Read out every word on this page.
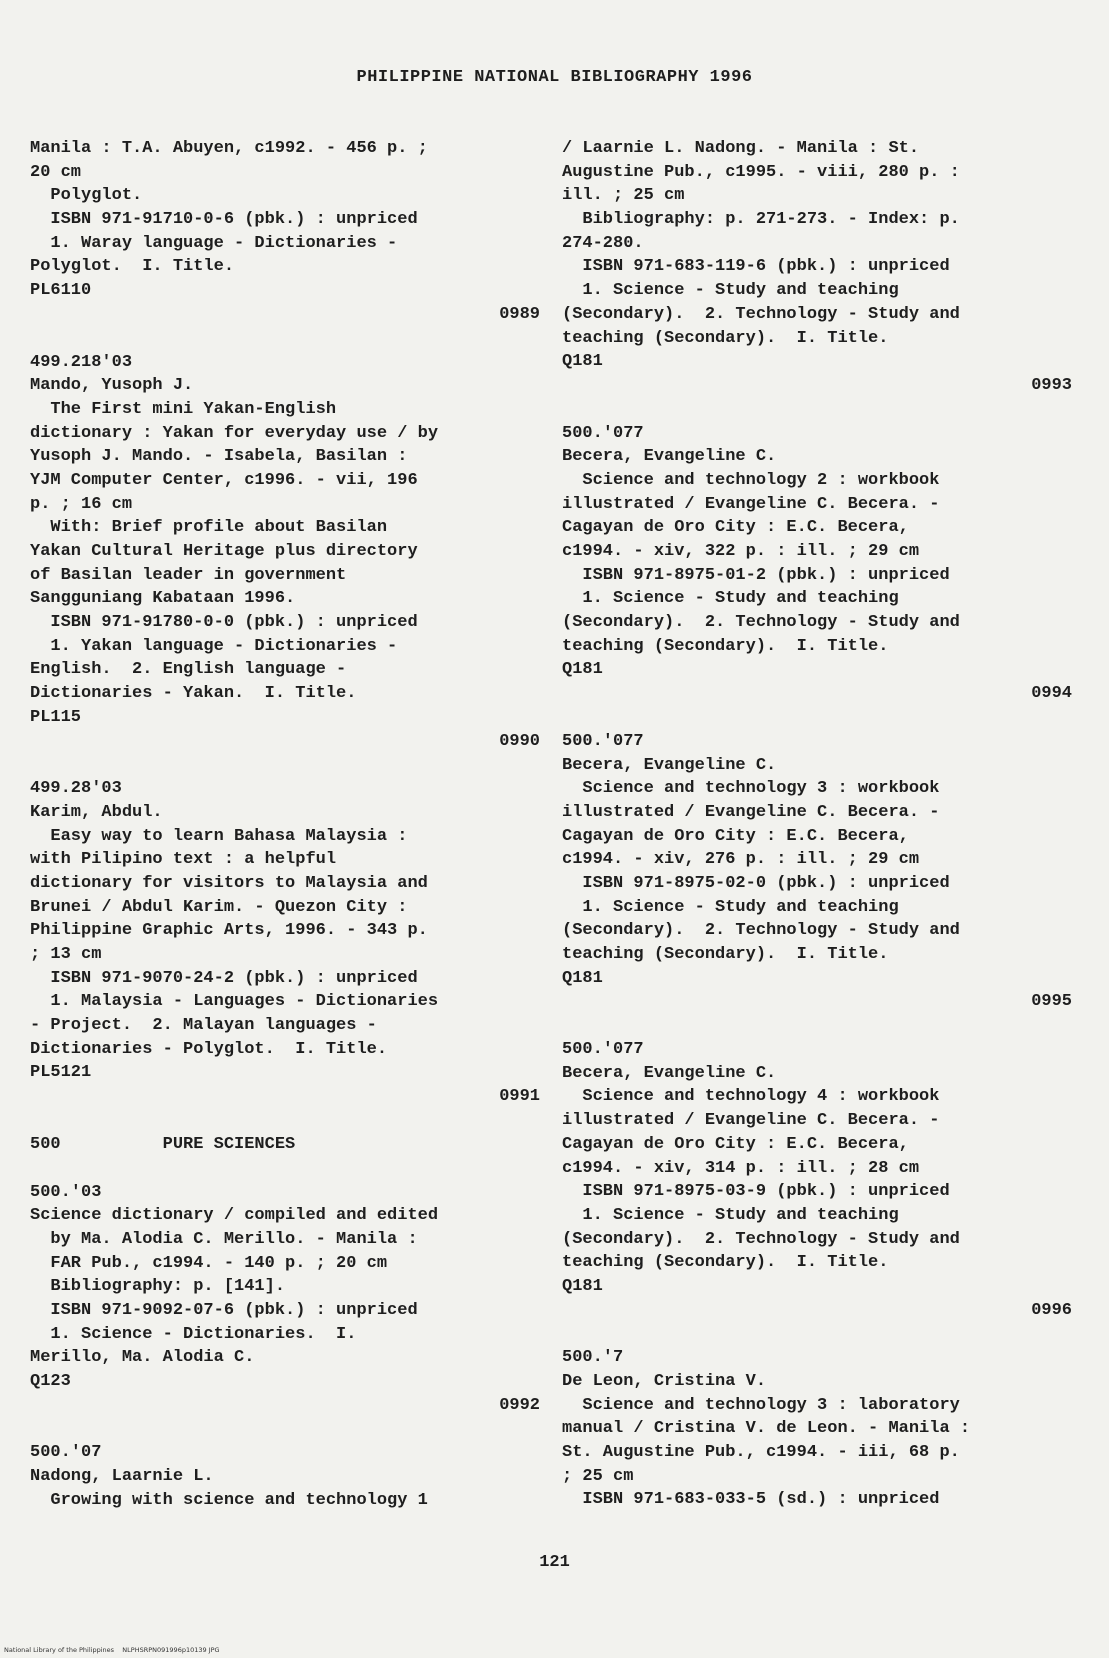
PHILIPPINE NATIONAL BIBLIOGRAPHY 1996
Manila : T.A. Abuyen, c1992. - 456 p. ;
20 cm
Polyglot.
ISBN 971-91710-0-6 (pbk.) : unpriced
1. Waray language - Dictionaries -
Polyglot.  I. Title.
PL6110
0989
499.218'03
Mando, Yusoph J.
The First mini Yakan-English
dictionary : Yakan for everyday use / by
Yusoph J. Mando. - Isabela, Basilan :
YJM Computer Center, c1996. - vii, 196
p. ; 16 cm
With: Brief profile about Basilan
Yakan Cultural Heritage plus directory
of Basilan leader in government
Sangguniang Kabataan 1996.
ISBN 971-91780-0-0 (pbk.) : unpriced
1. Yakan language - Dictionaries -
English.  2. English language -
Dictionaries - Yakan.  I. Title.
PL115
0990
499.28'03
Karim, Abdul.
Easy way to learn Bahasa Malaysia :
with Pilipino text : a helpful
dictionary for visitors to Malaysia and
Brunei / Abdul Karim. - Quezon City :
Philippine Graphic Arts, 1996. - 343 p.
; 13 cm
ISBN 971-9070-24-2 (pbk.) : unpriced
1. Malaysia - Languages - Dictionaries
- Project.  2. Malayan languages -
Dictionaries - Polyglot.  I. Title.
PL5121
0991
500          PURE SCIENCES
500.'03
Science dictionary / compiled and edited
by Ma. Alodia C. Merillo. - Manila :
FAR Pub., c1994. - 140 p. ; 20 cm
Bibliography: p. [141].
ISBN 971-9092-07-6 (pbk.) : unpriced
1. Science - Dictionaries.  I.
Merillo, Ma. Alodia C.
Q123
0992
500.'07
Nadong, Laarnie L.
Growing with science and technology 1
/ Laarnie L. Nadong. - Manila : St.
Augustine Pub., c1995. - viii, 280 p. :
ill. ; 25 cm
Bibliography: p. 271-273. - Index: p.
274-280.
ISBN 971-683-119-6 (pbk.) : unpriced
1. Science - Study and teaching
(Secondary).  2. Technology - Study and
teaching (Secondary).  I. Title.
Q181
0993
500.'077
Becera, Evangeline C.
Science and technology 2 : workbook
illustrated / Evangeline C. Becera. -
Cagayan de Oro City : E.C. Becera,
c1994. - xiv, 322 p. : ill. ; 29 cm
ISBN 971-8975-01-2 (pbk.) : unpriced
1. Science - Study and teaching
(Secondary).  2. Technology - Study and
teaching (Secondary).  I. Title.
Q181
0994
500.'077
Becera, Evangeline C.
Science and technology 3 : workbook
illustrated / Evangeline C. Becera. -
Cagayan de Oro City : E.C. Becera,
c1994. - xiv, 276 p. : ill. ; 29 cm
ISBN 971-8975-02-0 (pbk.) : unpriced
1. Science - Study and teaching
(Secondary).  2. Technology - Study and
teaching (Secondary).  I. Title.
Q181
0995
500.'077
Becera, Evangeline C.
Science and technology 4 : workbook
illustrated / Evangeline C. Becera. -
Cagayan de Oro City : E.C. Becera,
c1994. - xiv, 314 p. : ill. ; 28 cm
ISBN 971-8975-03-9 (pbk.) : unpriced
1. Science - Study and teaching
(Secondary).  2. Technology - Study and
teaching (Secondary).  I. Title.
Q181
0996
500.'7
De Leon, Cristina V.
Science and technology 3 : laboratory
manual / Cristina V. de Leon. - Manila :
St. Augustine Pub., c1994. - iii, 68 p.
; 25 cm
ISBN 971-683-033-5 (sd.) : unpriced
121
National Library of the Philippines    NLPHSRPN091996p10139 JPG
